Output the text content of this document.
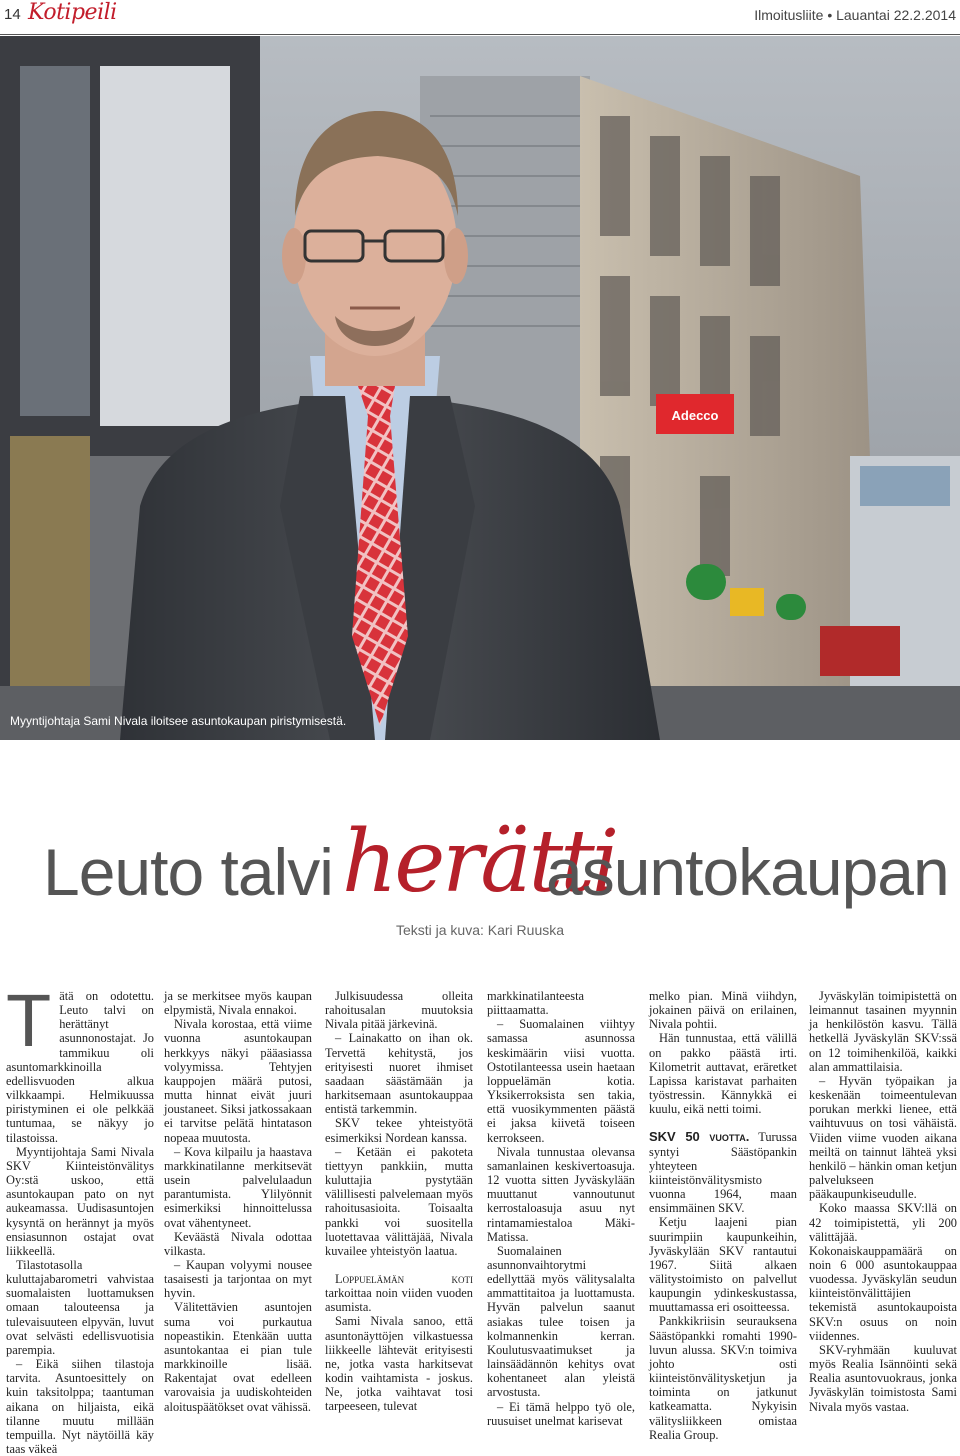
14 Kotipeili	Ilmoitusliite • Lauantai 22.2.2014
Adecco
Myyntijohtaja Sami Nivala iloitsee asuntokaupan piristymisestä.
Leuto talvi herätti
asuntokaupan
Teksti ja kuva: Kari Ruuska
T ätä on odotettu. Leuto talvi on herättänyt asunnonostajat. Jo tammikuu oli asuntomarkkinoilla edellisvuoden alkua vilkkaampi. Helmikuussa piristyminen ei ole pelkkää tuntumaa, se näkyy jo tilastoissa.

Myyntijohtaja Sami Nivala SKV Kiinteistönvälitys Oy:stä uskoo, että asuntokaupan pato on nyt aukeamassa. Uudisasuntojen kysyntä on herännyt ja myös ensiasunnon ostajat ovat liikkeellä.

Tilastotasolla kuluttajabarometri vahvistaa suomalaisten luottamuksen omaan talouteensa ja tulevaisuuteen elpyvän, luvut ovat selvästi edellisvuotisia parempia.

– Eikä siihen tilastoja tarvita. Asuntoesittely on kuin taksitolppa; taantuman aikana on hiljaista, eikä tilanne muutu millään tempuilla. Nyt näytöillä käy taas väkeä

ja se merkitsee myös kaupan elpymistä, Nivala ennakoi.

Nivala korostaa, että viime vuonna asuntokaupan herkkyys näkyi pääasiassa volyymissa. Tehtyjen kauppojen määrä putosi, mutta hinnat eivät juuri joustaneet. Siksi jatkossakaan ei tarvitse pelätä hintatason nopeaa muutosta.

– Kova kilpailu ja haastava markkinatilanne merkitsevät usein palvelulaadun parantumista. Ylilyönnit esimerkiksi hinnoittelussa ovat vähentyneet.

Keväästä Nivala odottaa vilkasta.

– Kaupan volyymi nousee tasaisesti ja tarjontaa on myt hyvin.

Välitettävien asuntojen suma voi purkautua nopeastikin. Etenkään uutta asuntokantaa ei pian tule markkinoille lisää. Rakentajat ovat edelleen varovaisia ja uudiskohteiden aloituspäätökset ovat vähissä.

Julkisuudessa olleita rahoitusalan muutoksia Nivala pitää järkevinä.

– Lainakatto on ihan ok. Tervettä kehitystä, jos erityisesti nuoret ihmiset saadaan säästämään ja harkitsemaan asuntokauppaa entistä tarkemmin.

SKV tekee yhteistyötä esimerkiksi Nordean kanssa.

– Ketään ei pakoteta tiettyyn pankkiin, mutta kuluttajia pystytään välillisesti palvelemaan myös rahoitusasioita. Toisaalta pankki voi suositella luotettavaa välittäjää, Nivala kuvailee yhteistyön laatua.

Loppuelämän koti tarkoittaa noin viiden vuoden asumista.

Sami Nivala sanoo, että asuntonäyttöjen vilkastuessa liikkeelle lähtevät erityisesti ne, jotka vasta harkitsevat kodin vaihtamista - joskus. Ne, jotka vaihtavat tosi tarpeeseen, tulevat

markkinatilanteesta piittaamatta.

– Suomalainen viihtyy samassa asunnossa keskimäärin viisi vuotta. Ostotilanteessa usein haetaan loppuelämän kotia. Yksikerroksista sen takia, että vuosikymmenten päästä ei jaksa kiivetä toiseen kerrokseen.

Nivala tunnustaa olevansa samanlainen keskivertoasuja. 12 vuotta sitten Jyväskylään muuttanut vannoutunut kerrostaloasuja asuu nyt rintamamiestaloa Mäki-Matissa.

Suomalainen asunnonvaihtorytmi edellyttää myös välitysalalta ammattitaitoa ja luottamusta. Hyvän palvelun saanut asiakas tulee toisen ja kolmannenkin kerran. Koulutusvaatimukset ja lainsäädännön kehitys ovat kohentaneet alan yleistä arvostusta.

– Ei tämä helppo työ ole, ruusuiset unelmat karisevat

melko pian. Minä viihdyn, jokainen päivä on erilainen, Nivala pohtii.

Hän tunnustaa, että välillä on pakko päästä irti. Kilometrit auttavat, eräretket Lapissa karistavat parhaiten työstressin. Kännykkä ei kuulu, eikä netti toimi.

SKV 50 vuotta. Turussa syntyi Säästöpankin yhteyteen kiinteistönvälitysmisto vuonna 1964, maan ensimmäinen SKV.

Ketju laajeni pian suurimpiin kaupunkeihin, Jyväskylään SKV rantautui 1967. Siitä alkaen välitystoimisto on palvellut kaupungin ydinkeskustassa, muuttamassa eri osoitteessa.

Pankkikriisin seurauksena Säästöpankki romahti 1990-luvun alussa. SKV:n toimiva johto osti kiinteistönvälitysketjun ja toiminta on jatkunut katkeamatta. Nykyisin välitysliikkeen omistaa Realia Group.

Jyväskylän toimipistettä on leimannut tasainen myynnin ja henkilöstön kasvu. Tällä hetkellä Jyväskylän SKV:ssä on 12 toimihenkilöä, kaikki alan ammattilaisia.

– Hyvän työpaikan ja keskenään toimeentulevan porukan merkki lienee, että vaihtuvuus on tosi vähäistä. Viiden viime vuoden aikana meiltä on tainnut lähteä yksi henkilö – hänkin oman ketjun palvelukseen pääkaupunkiseudulle.

Koko maassa SKV:llä on 42 toimipistettä, yli 200 välittäjää. Kokonaiskauppamäärä on noin 6 000 asuntokauppaa vuodessa. Jyväskylän seudun kiinteistönvälittäjien tekemistä asuntokaupoista SKV:n osuus on noin viidennes.

SKV-ryhmään kuuluvat myös Realia Isännöinti sekä Realia asuntovuokraus, jonka Jyväskylän toimistosta Sami Nivala myös vastaa.
